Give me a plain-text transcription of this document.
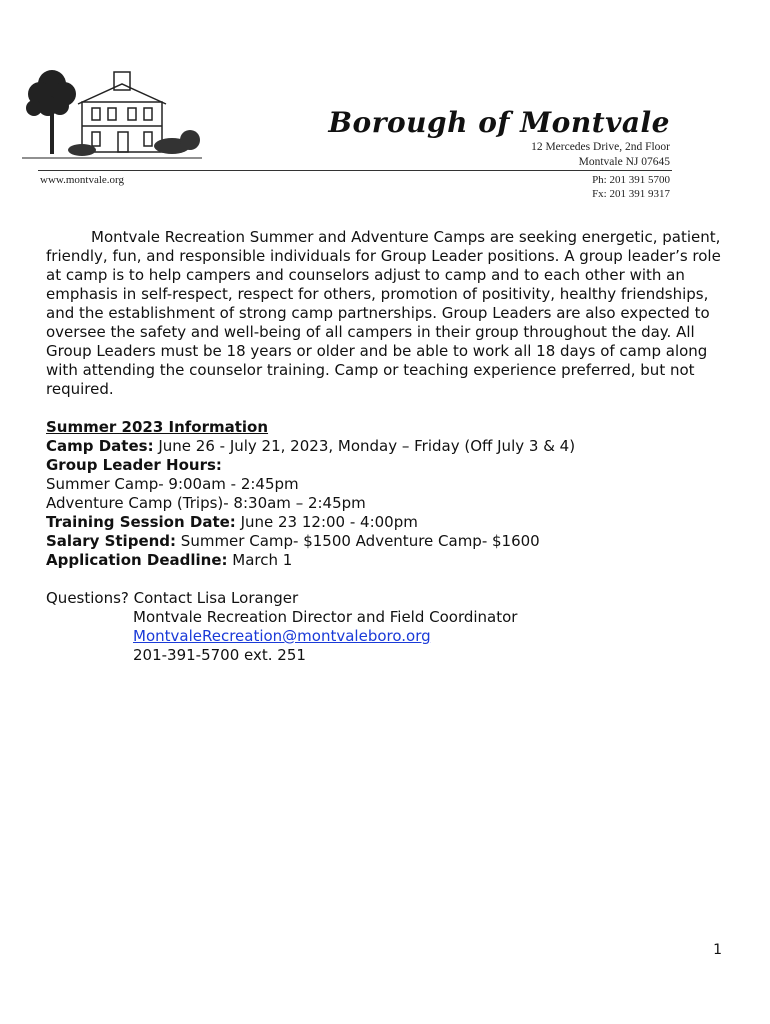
Borough of Montvale
12 Mercedes Drive, 2nd Floor
Montvale NJ 07645
www.montvale.org	Ph: 201 391 5700
Fx: 201 391 9317

Montvale Recreation Summer and Adventure Camps are seeking energetic, patient, friendly, fun, and responsible individuals for Group Leader positions. A group leader’s role at camp is to help campers and counselors adjust to camp and to each other with an emphasis in self-respect, respect for others, promotion of positivity, healthy friendships, and the establishment of strong camp partnerships. Group Leaders are also expected to oversee the safety and well-being of all campers in their group throughout the day. All Group Leaders must be 18 years or older and be able to work all 18 days of camp along with attending the counselor training. Camp or teaching experience preferred, but not required.

Summer 2023 Information
Camp Dates: June 26 - July 21, 2023, Monday – Friday (Off July 3 & 4)
Group Leader Hours:
Summer Camp- 9:00am - 2:45pm
Adventure Camp (Trips)- 8:30am – 2:45pm
Training Session Date: June 23 12:00 - 4:00pm
Salary Stipend: Summer Camp- $1500 Adventure Camp- $1600
Application Deadline: March 1
Questions? Contact Lisa Loranger
Montvale Recreation Director and Field Coordinator
MontvaleRecreation@montvaleboro.org
201-391-5700 ext. 251
1
